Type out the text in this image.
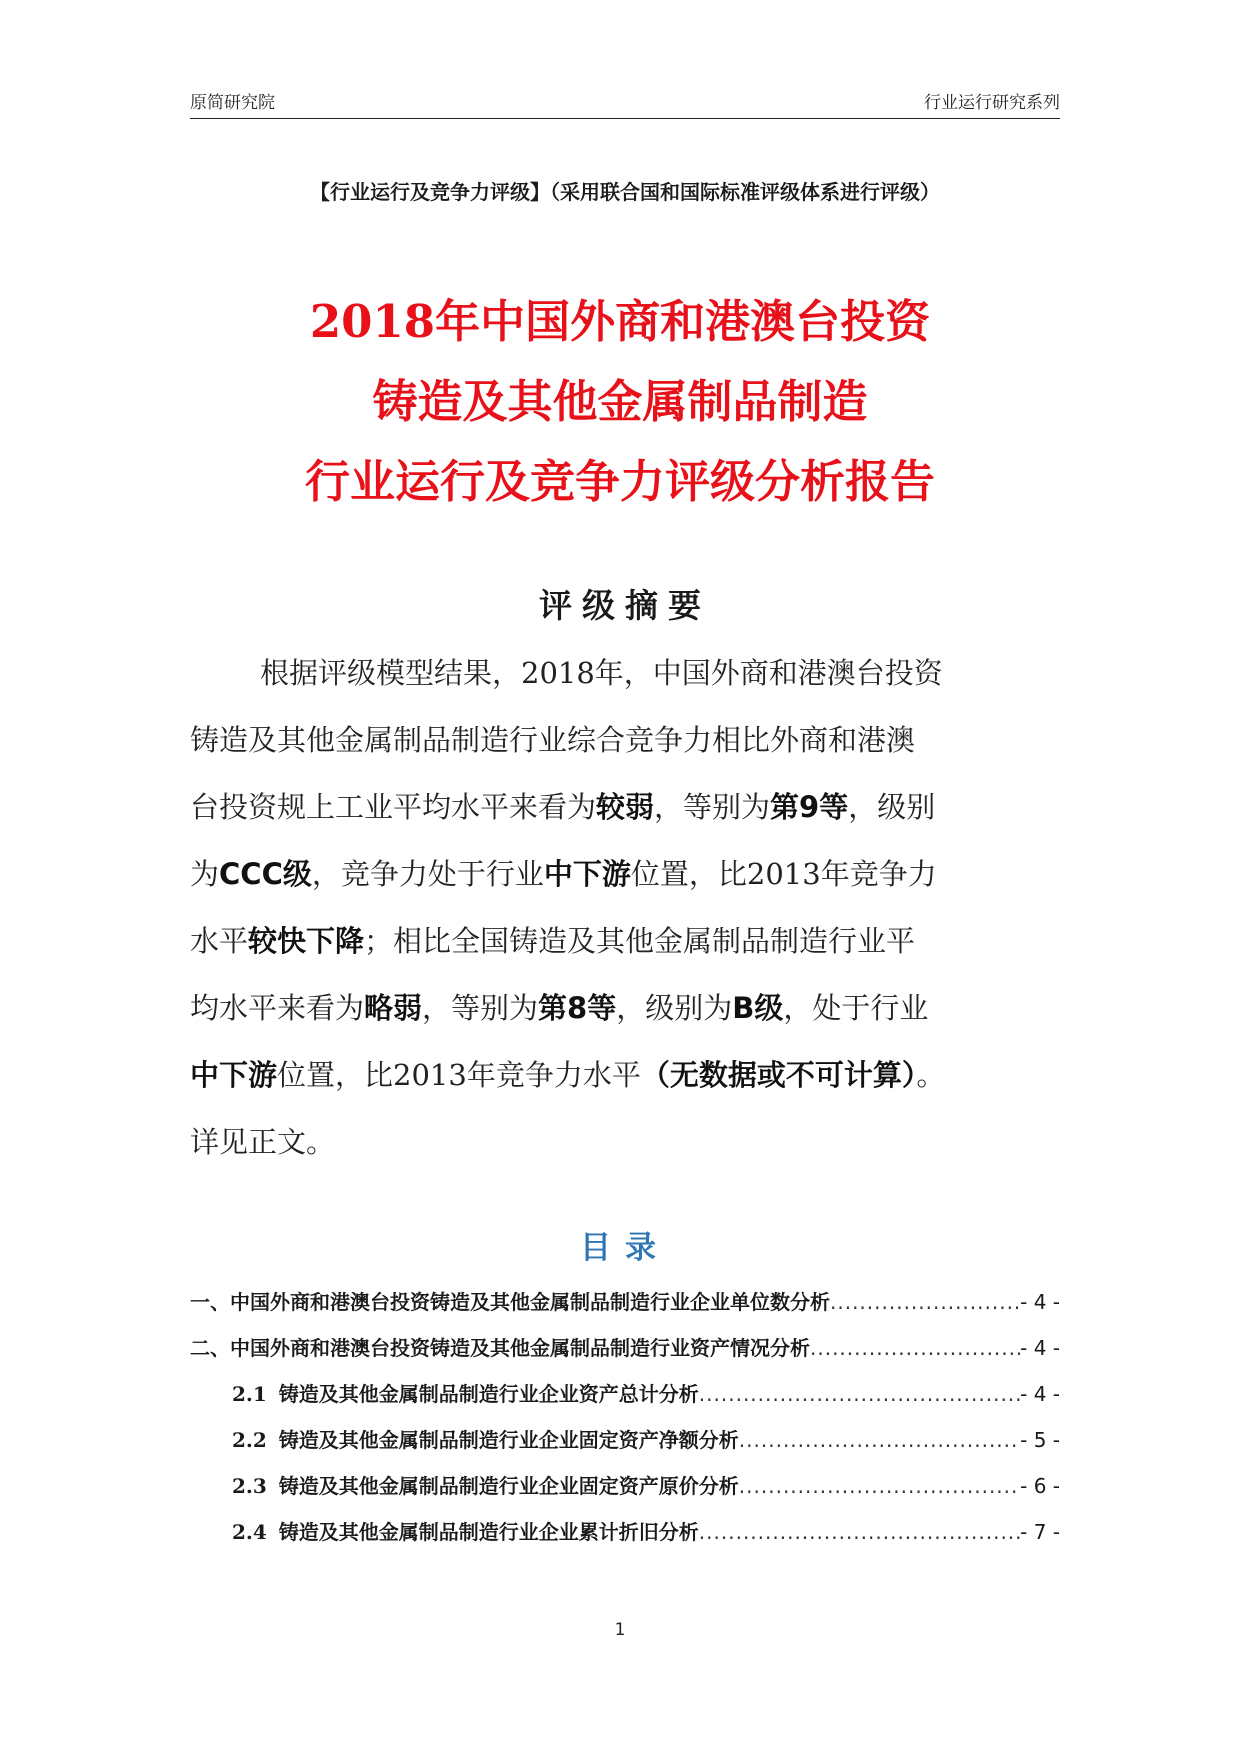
原简研究院	行业运行研究系列
【行业运行及竞争力评级】（采用联合国和国际标准评级体系进行评级）
2018年中国外商和港澳台投资
铸造及其他金属制品制造
行业运行及竞争力评级分析报告
评级摘要
根据评级模型结果，2018年，中国外商和港澳台投资
铸造及其他金属制品制造行业综合竞争力相比外商和港澳
台投资规上工业平均水平来看为较弱，等别为第9等，级别
为CCC级，竞争力处于行业中下游位置，比2013年竞争力
水平较快下降；相比全国铸造及其他金属制品制造行业平
均水平来看为略弱，等别为第8等，级别为B级，处于行业
中下游位置，比2013年竞争力水平（无数据或不可计算）。
详见正文。
目录
一、 中国外商和港澳台投资铸造及其他金属制品制造行业企业单位数分析 .....	- 4 -
二、 中国外商和港澳台投资铸造及其他金属制品制造行业资产情况分析 .....	- 4 -
2.1 铸造及其他金属制品制造行业企业资产总计分析 .....	- 4 -
2.2 铸造及其他金属制品制造行业企业固定资产净额分析 .....	- 5 -
2.3 铸造及其他金属制品制造行业企业固定资产原价分析 .....	- 6 -
2.4 铸造及其他金属制品制造行业企业累计折旧分析 .....	- 7 -
1
